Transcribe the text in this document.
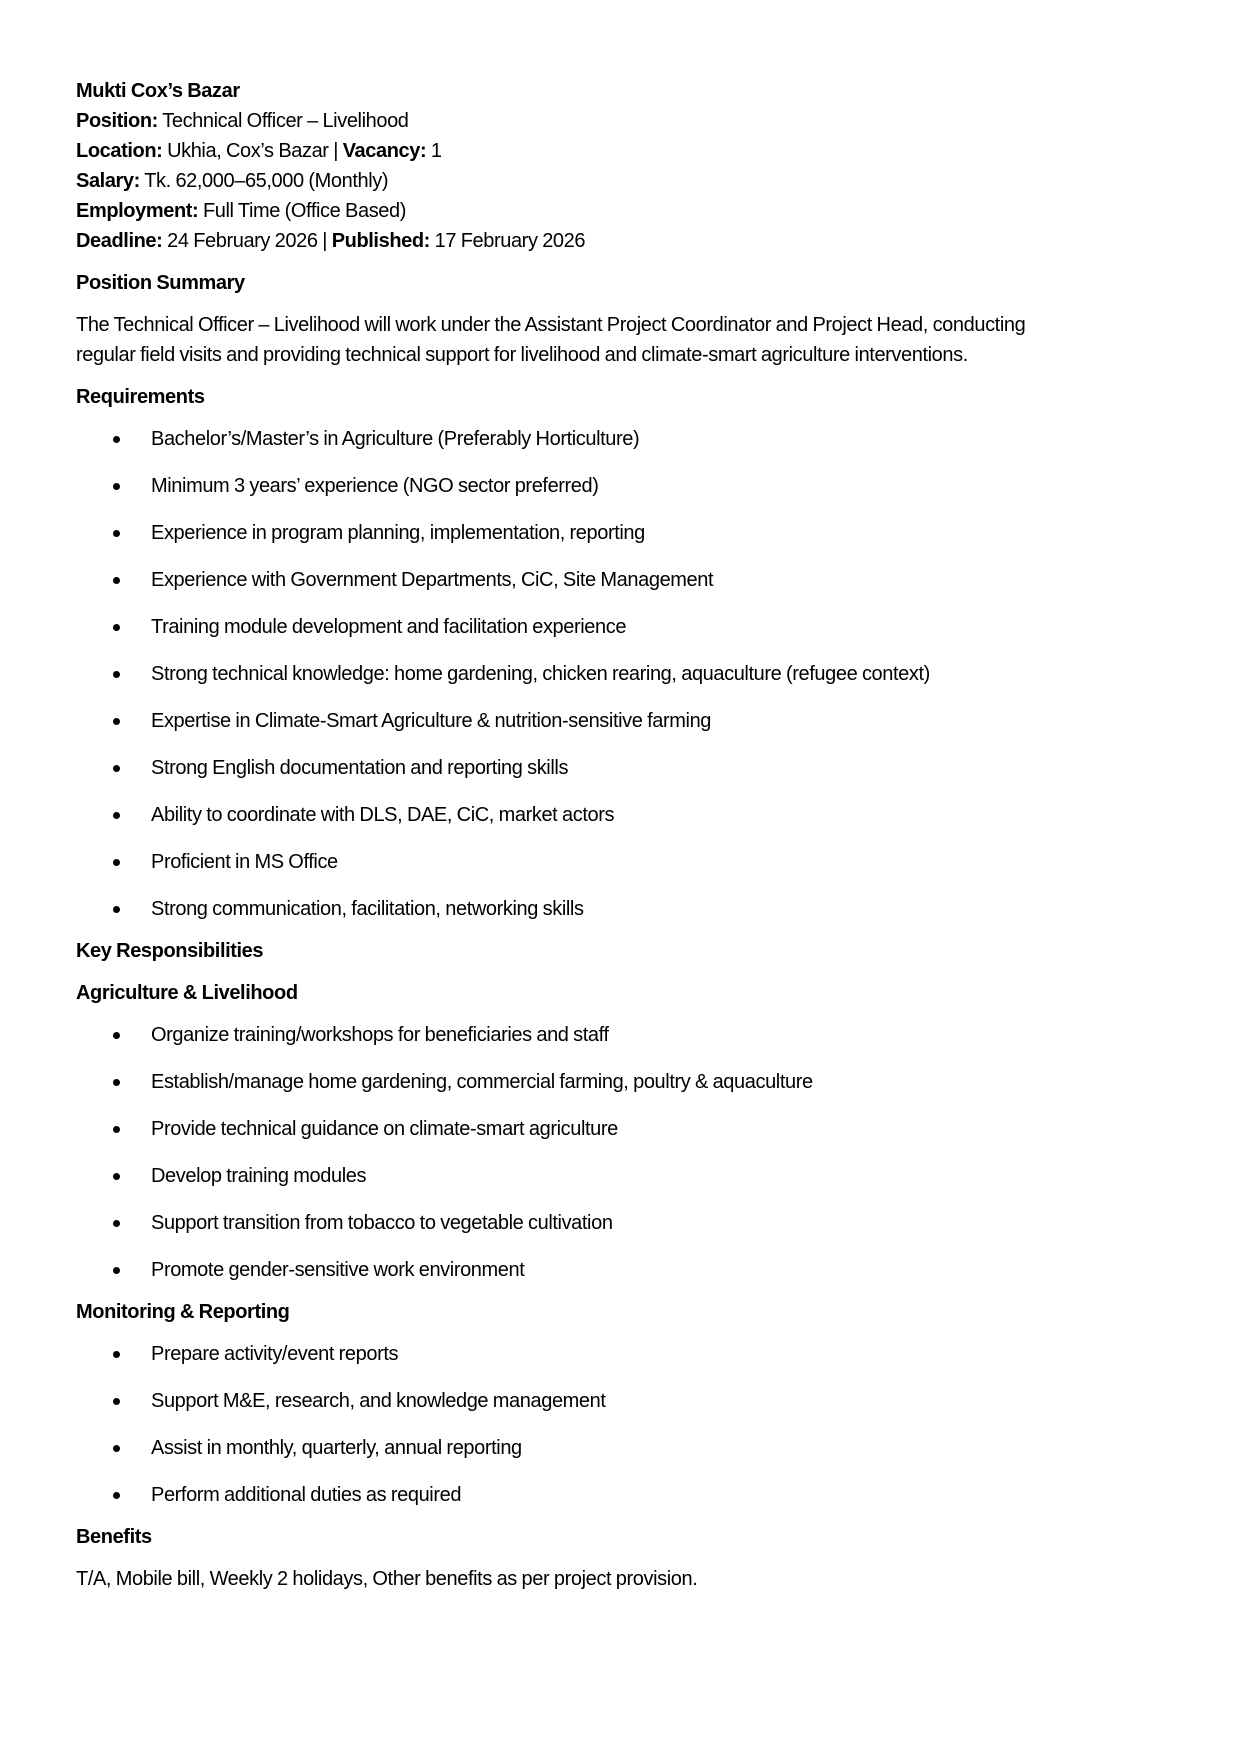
Mukti Cox’s Bazar
Position: Technical Officer – Livelihood
Location: Ukhia, Cox’s Bazar | Vacancy: 1
Salary: Tk. 62,000–65,000 (Monthly)
Employment: Full Time (Office Based)
Deadline: 24 February 2026 | Published: 17 February 2026
Position Summary
The Technical Officer – Livelihood will work under the Assistant Project Coordinator and Project Head, conducting
regular field visits and providing technical support for livelihood and climate-smart agriculture interventions.
Requirements
Bachelor’s/Master’s in Agriculture (Preferably Horticulture)
Minimum 3 years’ experience (NGO sector preferred)
Experience in program planning, implementation, reporting
Experience with Government Departments, CiC, Site Management
Training module development and facilitation experience
Strong technical knowledge: home gardening, chicken rearing, aquaculture (refugee context)
Expertise in Climate-Smart Agriculture & nutrition-sensitive farming
Strong English documentation and reporting skills
Ability to coordinate with DLS, DAE, CiC, market actors
Proficient in MS Office
Strong communication, facilitation, networking skills
Key Responsibilities
Agriculture & Livelihood
Organize training/workshops for beneficiaries and staff
Establish/manage home gardening, commercial farming, poultry & aquaculture
Provide technical guidance on climate-smart agriculture
Develop training modules
Support transition from tobacco to vegetable cultivation
Promote gender-sensitive work environment
Monitoring & Reporting
Prepare activity/event reports
Support M&E, research, and knowledge management
Assist in monthly, quarterly, annual reporting
Perform additional duties as required
Benefits
T/A, Mobile bill, Weekly 2 holidays, Other benefits as per project provision.
